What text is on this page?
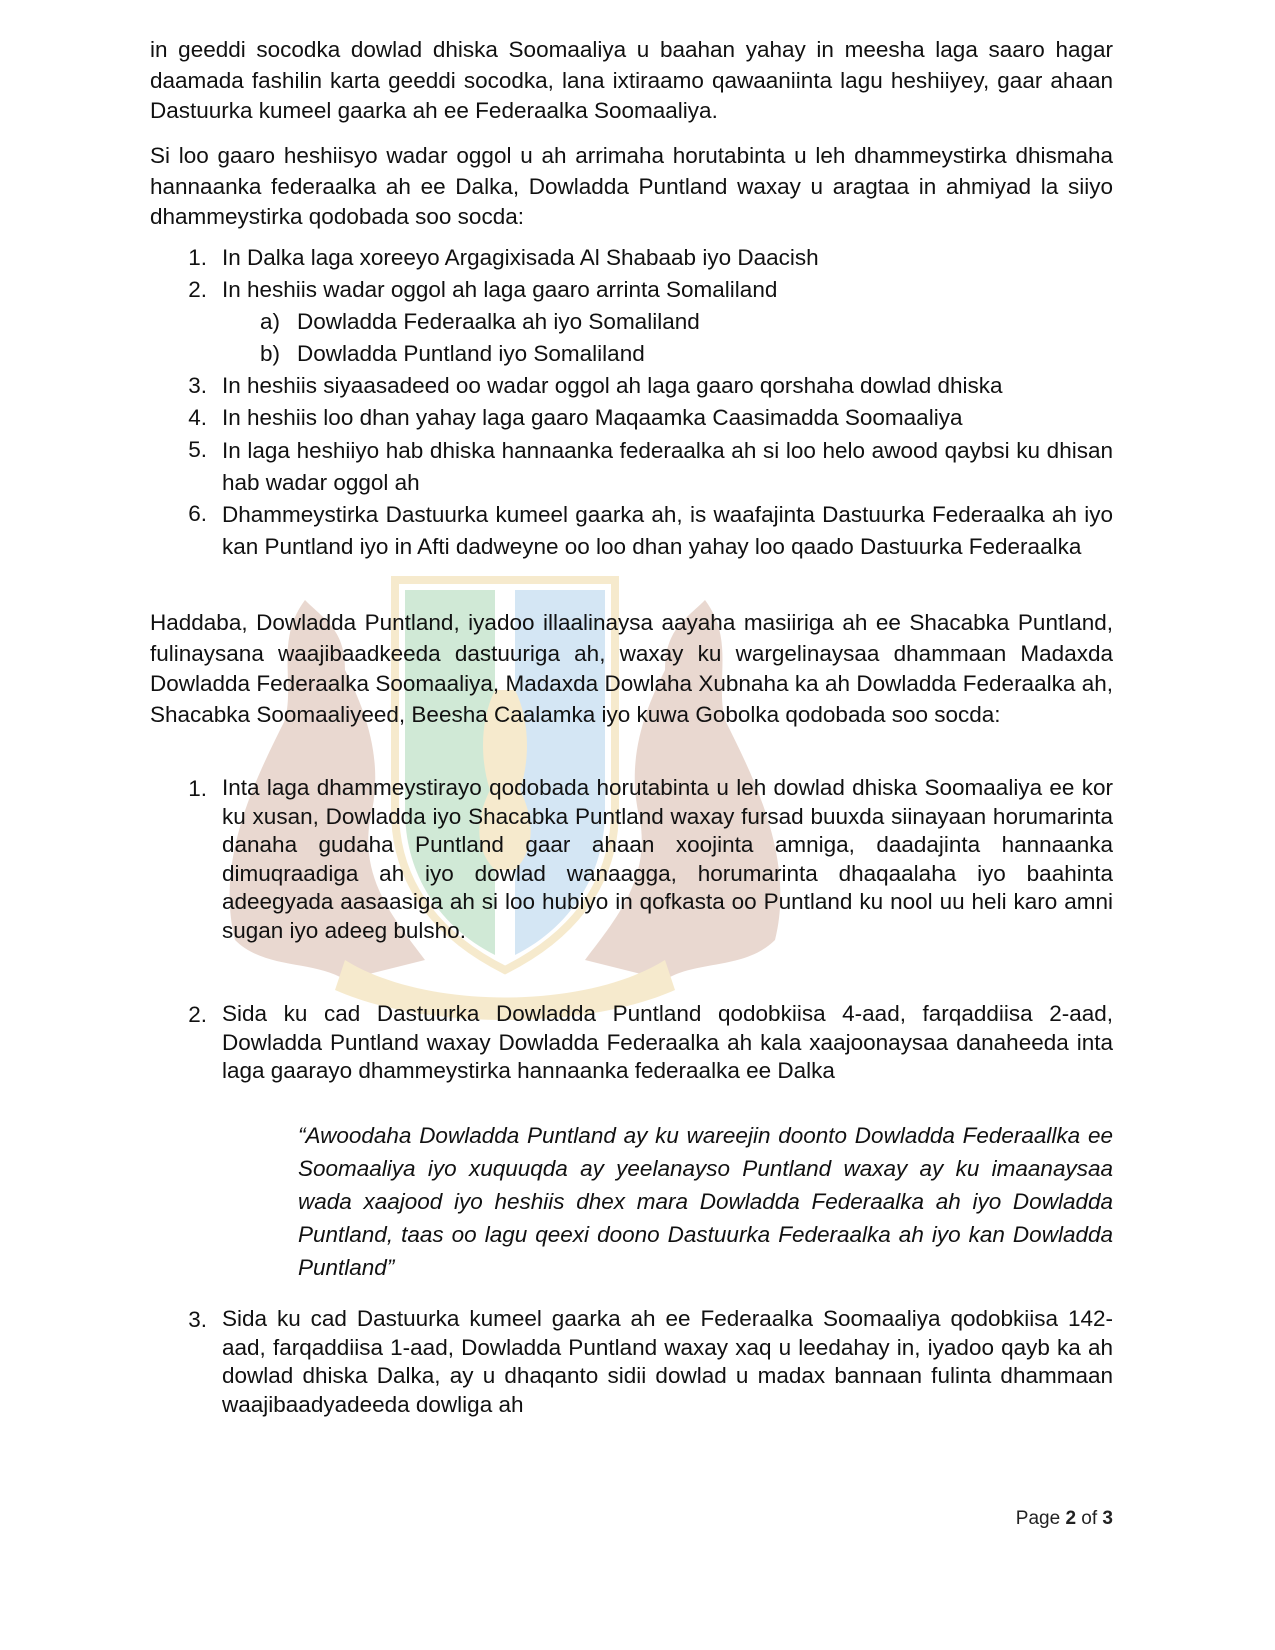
in geeddi socodka dowlad dhiska Soomaaliya u baahan yahay in meesha laga saaro hagar daamada fashilin karta geeddi socodka, lana ixtiraamo qawaaniinta lagu heshiiyey, gaar ahaan Dastuurka kumeel gaarka ah ee Federaalka Soomaaliya.

Si loo gaaro heshiisyo wadar oggol u ah arrimaha horutabinta u leh dhammeystirka dhismaha hannaanka federaalka ah ee Dalka, Dowladda Puntland waxay u aragtaa in ahmiyad la siiyo dhammeystirka qodobada soo socda:

1. In Dalka laga xoreeyo Argagixisada Al Shabaab iyo Daacish
2. In heshiis wadar oggol ah laga gaaro arrinta Somaliland
a) Dowladda Federaalka ah iyo Somaliland
b) Dowladda Puntland iyo Somaliland
3. In heshiis siyaasadeed oo wadar oggol ah laga gaaro qorshaha dowlad dhiska
4. In heshiis loo dhan yahay laga gaaro Maqaamka Caasimadda Soomaaliya
5. In laga heshiiyo hab dhiska hannaanka federaalka ah si loo helo awood qaybsi ku dhisan hab wadar oggol ah
6. Dhammeystirka Dastuurka kumeel gaarka ah, is waafajinta Dastuurka Federaalka ah iyo kan Puntland iyo in Afti dadweyne oo loo dhan yahay loo qaado Dastuurka Federaalka

Haddaba, Dowladda Puntland, iyadoo illaalinaysa aayaha masiiriga ah ee Shacabka Puntland, fulinaysana waajibaadkeeda dastuuriga ah, waxay ku wargelinaysaa dhammaan Madaxda Dowladda Federaalka Soomaaliya, Madaxda Dowlaha Xubnaha ka ah Dowladda Federaalka ah, Shacabka Soomaaliyeed, Beesha Caalamka iyo kuwa Gobolka qodobada soo socda:

1. Inta laga dhammeystirayo qodobada horutabinta u leh dowlad dhiska Soomaaliya ee kor ku xusan, Dowladda iyo Shacabka Puntland waxay fursad buuxda siinayaan horumarinta danaha gudaha Puntland gaar ahaan xoojinta amniga, daadajinta hannaanka dimuqraadiga ah iyo dowlad wanaagga, horumarinta dhaqaalaha iyo baahinta adeegyada aasaasiga ah si loo hubiyo in qofkasta oo Puntland ku nool uu heli karo amni sugan iyo adeeg bulsho.
2. Sida ku cad Dastuurka Dowladda Puntland qodobkiisa 4-aad, farqaddiisa 2-aad, Dowladda Puntland waxay Dowladda Federaalka ah kala xaajoonaysaa danaheeda inta laga gaarayo dhammeystirka hannaanka federaalka ee Dalka

“Awoodaha Dowladda Puntland ay ku wareejin doonto Dowladda Federaallka ee Soomaaliya iyo xuquuqda ay yeelanayso Puntland waxay ay ku imaanaysaa wada xaajood iyo heshiis dhex mara Dowladda Federaalka ah iyo Dowladda Puntland, taas oo lagu qeexi doono Dastuurka Federaalka ah iyo kan Dowladda Puntland”

3. Sida ku cad Dastuurka kumeel gaarka ah ee Federaalka Soomaaliya qodobkiisa 142-aad, farqaddiisa 1-aad, Dowladda Puntland waxay xaq u leedahay in, iyadoo qayb ka ah dowlad dhiska Dalka, ay u dhaqanto sidii dowlad u madax bannaan fulinta dhammaan waajibaadyadeeda dowliga ah
Page 2 of 3
